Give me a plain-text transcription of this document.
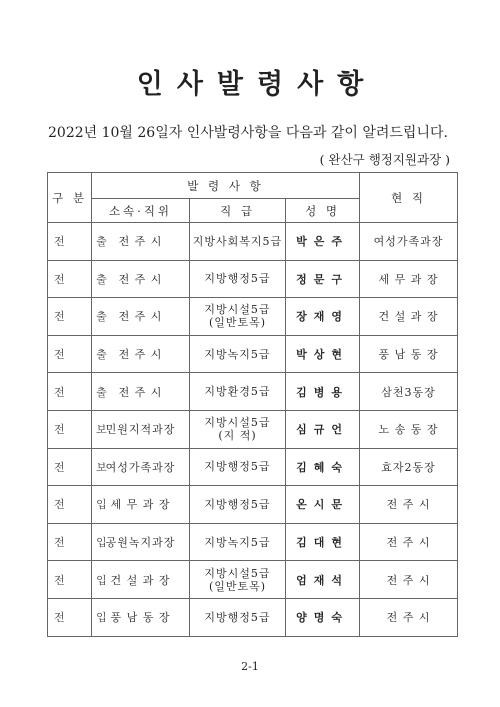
인사발령사항
2022년 10월 26일자 인사발령사항을 다음과 같이 알려드립니다.
( 완산구 행정지원과장 )
구 분	발 령 사 항			현 직
	소속·직위	직 급	성 명	
전 출	전 주 시	지방사회복지5급	박은주	여성가족과장
전 출	전 주 시	지방행정5급	정문구	세 무 과 장
전 출	전 주 시	지방시설5급
(일반토목)	장재영	건 설 과 장
전 출	전 주 시	지방녹지5급	박상현	풍 남 동 장
전 출	전 주 시	지방환경5급	김병용	삼천3동장
전 보	민원지적과장	지방시설5급
(지 적)	심규언	노 송 동 장
전 보	여성가족과장	지방행정5급	김혜숙	효자2동장
전 입	세 무 과 장	지방행정5급	온시문	전 주 시
전 입	공원녹지과장	지방녹지5급	김대현	전 주 시
전 입	건 설 과 장	지방시설5급
(일반토목)	엄재석	전 주 시
전 입	풍 남 동 장	지방행정5급	양명숙	전 주 시
2-1
